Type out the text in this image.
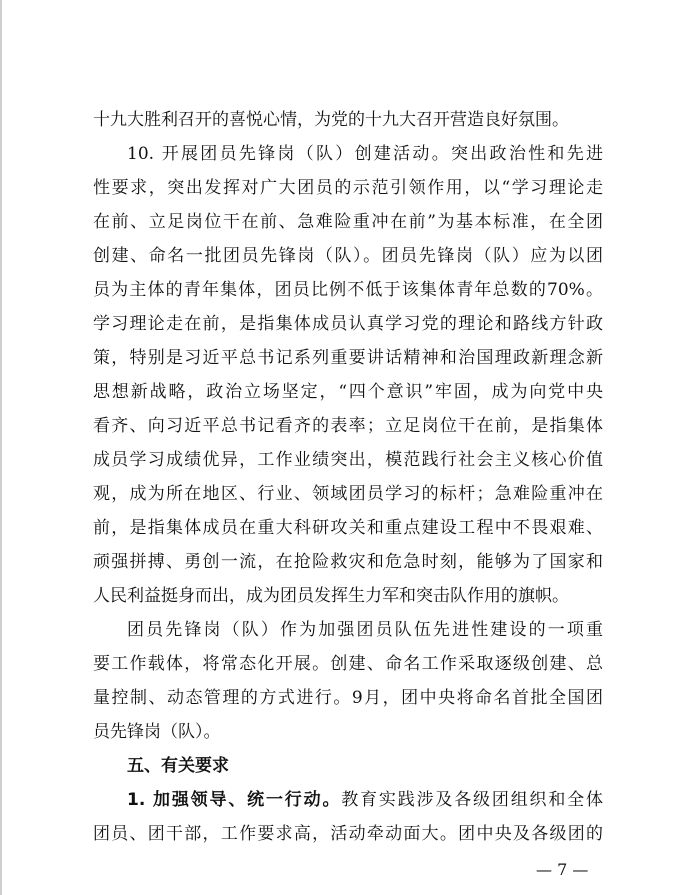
十九大胜利召开的喜悦心情，为党的十九大召开营造良好氛围。
10. 开展团员先锋岗（队）创建活动。突出政治性和先进
性要求，突出发挥对广大团员的示范引领作用，以“学习理论走
在前、立足岗位干在前、急难险重冲在前”为基本标准，在全团
创建、命名一批团员先锋岗（队）。团员先锋岗（队）应为以团
员为主体的青年集体，团员比例不低于该集体青年总数的70%。
学习理论走在前，是指集体成员认真学习党的理论和路线方针政
策，特别是习近平总书记系列重要讲话精神和治国理政新理念新
思想新战略，政治立场坚定，“四个意识”牢固，成为向党中央
看齐、向习近平总书记看齐的表率；立足岗位干在前，是指集体
成员学习成绩优异，工作业绩突出，模范践行社会主义核心价值
观，成为所在地区、行业、领域团员学习的标杆；急难险重冲在
前，是指集体成员在重大科研攻关和重点建设工程中不畏艰难、
顽强拼搏、勇创一流，在抢险救灾和危急时刻，能够为了国家和
人民利益挺身而出，成为团员发挥生力军和突击队作用的旗帜。
团员先锋岗（队）作为加强团员队伍先进性建设的一项重
要工作载体，将常态化开展。创建、命名工作采取逐级创建、总
量控制、动态管理的方式进行。9月，团中央将命名首批全国团
员先锋岗（队）。
五、有关要求
1. 加强领导、统一行动。教育实践涉及各级团组织和全体
团员、团干部，工作要求高，活动牵动面大。团中央及各级团的
— 7 —
